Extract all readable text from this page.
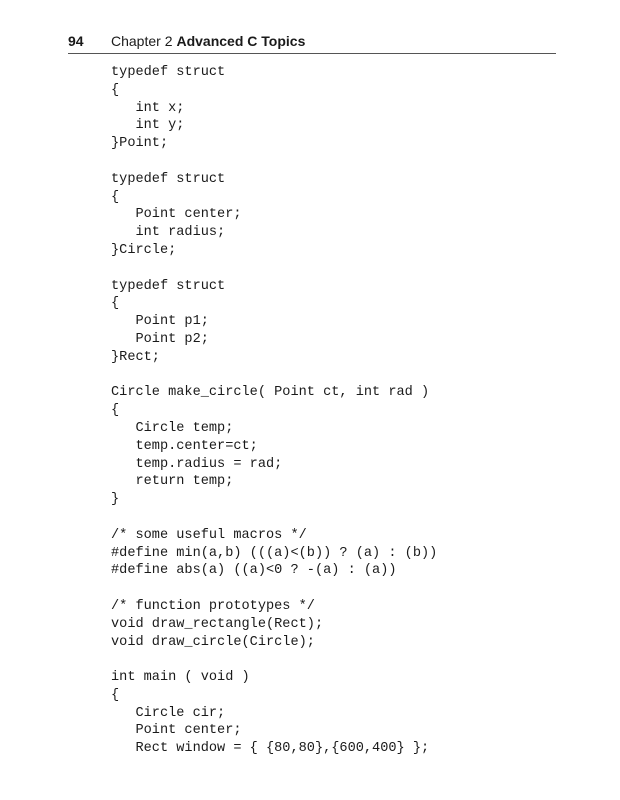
94 Chapter 2 Advanced C Topics
typedef struct
{
int x;
int y;
}Point;
typedef struct
{
Point center;
int radius;
}Circle;
typedef struct
{
Point p1;
Point p2;
}Rect;
Circle make_circle( Point ct, int rad )
{
Circle temp;
temp.center=ct;
temp.radius = rad;
return temp;
}
/* some useful macros */
#define min(a,b) (((a)<(b)) ? (a) : (b))
#define abs(a) ((a)<0 ? -(a) : (a))
/* function prototypes */
void draw_rectangle(Rect);
void draw_circle(Circle);
int main ( void )
{
Circle cir;
Point center;
Rect window = { {80,80},{600,400} };
